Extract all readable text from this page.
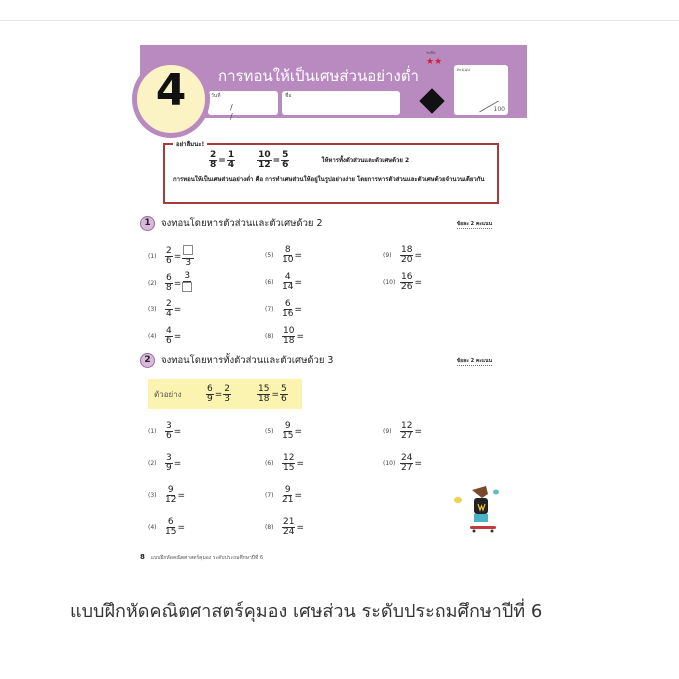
การทอนให้เป็นเศษส่วนอย่างต่ำ
วันที่
/ /
ชื่อ
ระดับ
★★
คะแนน
100
4
อย่าลืมนะ!
$\frac{2}{8} = \frac{1}{4} \frac{10}{12} = \frac{5}{6}$	ให้หารทั้งตัวส่วนและตัวเศษด้วย 2
การทอนให้เป็นเศษส่วนอย่างต่ำ คือ การทำเศษส่วนให้อยู่ในรูปอย่างง่าย โดยการหารตัวส่วนและตัวเศษด้วยจำนวนเดียวกัน
1 จงทอนโดยหารตัวส่วนและตัวเศษด้วย 2	ข้อละ 2 คะแนน
$(1) \frac{2}{6}$ =
3
$(2) \frac{6}{8}$ =
3
$(3) \frac{2}{4}$ =
$(4) \frac{4}{6}$ =
$(5) \frac{8}{10}$ =
$(6) \frac{4}{14}$ =
$(7) \frac{6}{16}$ =
$(8) \frac{10}{18}$ =
$(9) \frac{18}{20}$ =
$(10) \frac{16}{26}$ =
2 จงทอนโดยหารทั้งตัวส่วนและตัวเศษด้วย 3	ข้อละ 2 คะแนน
ตัวอย่าง	$\frac{6}{9} = \frac{2}{3}$	$\frac{15}{18} = \frac{5}{6}$
$(1) \frac{3}{6}$ =
$(2) \frac{3}{9}$ =
$(3) \frac{9}{12}$ =
$(4) \frac{6}{15}$ =
$(5) \frac{9}{15}$ =
$(6) \frac{12}{15}$ =
$(7) \frac{9}{21}$ =
$(8) \frac{21}{24}$ =
$(9) \frac{12}{27}$ =
$(10) \frac{24}{27}$ =
8 แบบฝึกหัดคณิตศาสตร์คุมอง ระดับประถมศึกษาปีที่ 6
แบบฝึกหัดคณิตศาสตร์คุมอง เศษส่วน ระดับประถมศึกษาปีที่ 6
